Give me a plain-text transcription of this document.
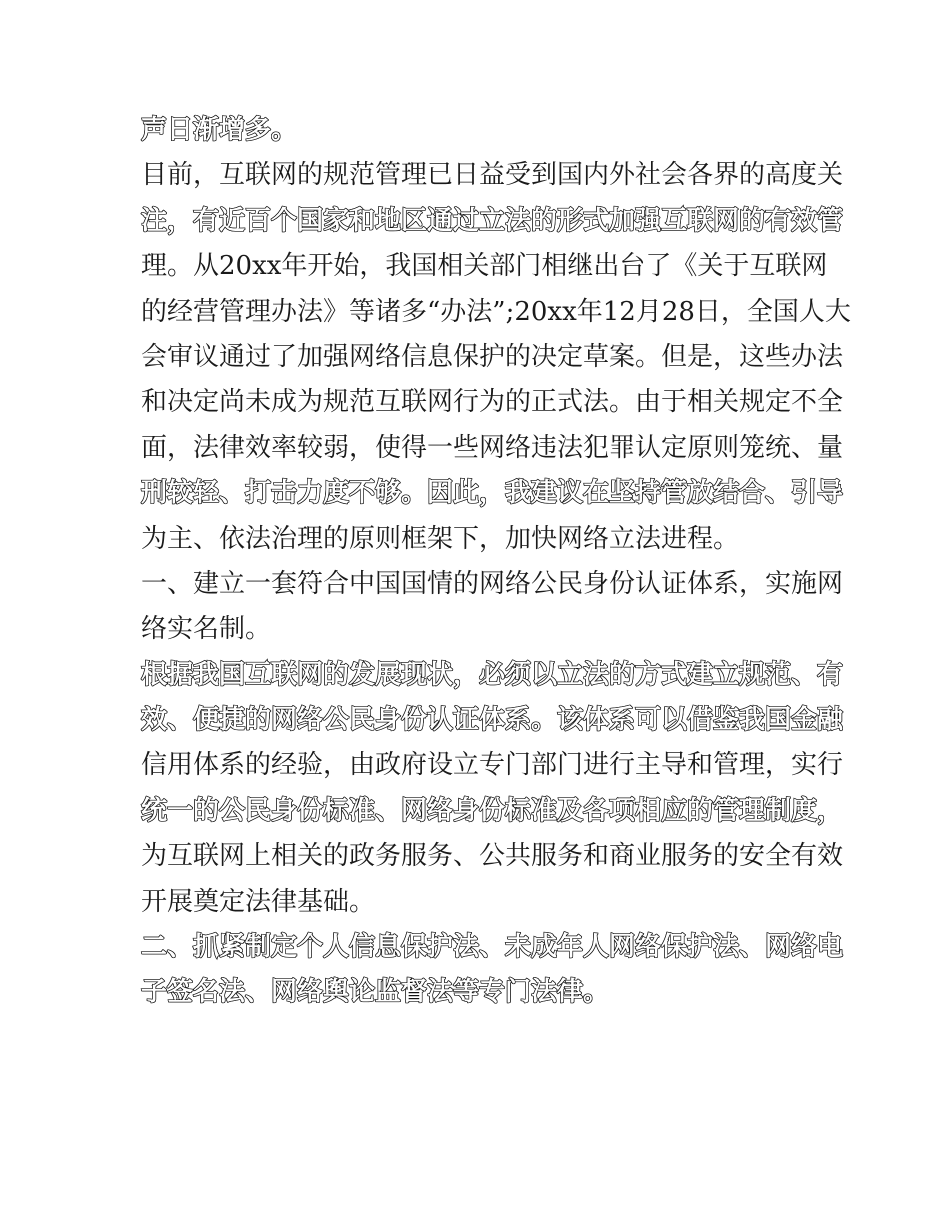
声日渐增多。
目前，互联网的规范管理已日益受到国内外社会各界的高度关
注，有近百个国家和地区通过立法的形式加强互联网的有效管
理。从20xx年开始，我国相关部门相继出台了《关于互联网
的经营管理办法》等诸多“办法”;20xx年12月28日，全国人大
会审议通过了加强网络信息保护的决定草案。但是，这些办法
和决定尚未成为规范互联网行为的正式法。由于相关规定不全
面，法律效率较弱，使得一些网络违法犯罪认定原则笼统、量
刑较轻、打击力度不够。因此，我建议在坚持管放结合、引导
为主、依法治理的原则框架下，加快网络立法进程。
一、建立一套符合中国国情的网络公民身份认证体系，实施网
络实名制。
根据我国互联网的发展现状，必须以立法的方式建立规范、有
效、便捷的网络公民身份认证体系。该体系可以借鉴我国金融
信用体系的经验，由政府设立专门部门进行主导和管理，实行
统一的公民身份标准、网络身份标准及各项相应的管理制度，
为互联网上相关的政务服务、公共服务和商业服务的安全有效
开展奠定法律基础。
二、抓紧制定个人信息保护法、未成年人网络保护法、网络电
子签名法、网络舆论监督法等专门法律。
